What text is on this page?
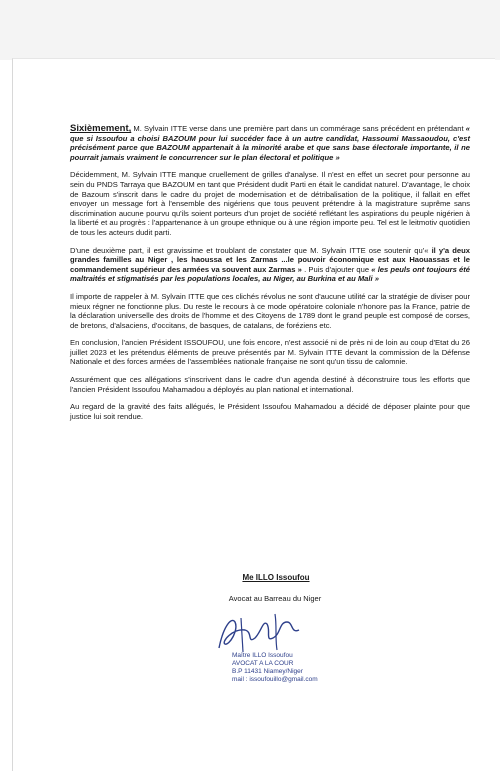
Sixièmement, M. Sylvain ITTE verse dans une première part dans un commérage sans précédent en prétendant « que si Issoufou a choisi BAZOUM pour lui succéder face à un autre candidat, Hassoumi Massaoudou, c'est précisément parce que BAZOUM appartenait à la minorité arabe et que sans base électorale importante, il ne pourrait jamais vraiment le concurrencer sur le plan électoral et politique »

Décidemment, M. Sylvain ITTE manque cruellement de grilles d'analyse. Il n'est en effet un secret pour personne au sein du PNDS Tarraya que BAZOUM en tant que Président dudit Parti en était le candidat naturel. D'avantage, le choix de Bazoum s'inscrit dans le cadre du projet de modernisation et de détribalisation de la politique, il fallait en effet envoyer un message fort à l'ensemble des nigériens que tous peuvent prétendre à la magistrature suprême sans discrimination aucune pourvu qu'ils soient porteurs d'un projet de société reflétant les aspirations du peuple nigérien à la liberté et au progrès : l'appartenance à un groupe ethnique ou à une région importe peu. Tel est le leitmotiv quotidien de tous les acteurs dudit parti.

D'une deuxième part, il est gravissime et troublant de constater que M. Sylvain ITTE ose soutenir qu'« il y'a deux grandes familles au Niger , les haoussa et les Zarmas ...le pouvoir économique est aux Haouassas et le commandement supérieur des armées va souvent aux Zarmas » . Puis d'ajouter que « les peuls ont toujours été maltraités et stigmatisés par les populations locales, au Niger, au Burkina et au Mali »

Il importe de rappeler à M. Sylvain ITTE que ces clichés révolus ne sont d'aucune utilité car la stratégie de diviser pour mieux régner ne fonctionne plus. Du reste le recours à ce mode opératoire coloniale n'honore pas la France, patrie de la déclaration universelle des droits de l'homme et des Citoyens de 1789 dont le grand peuple est composé de corses, de bretons, d'alsaciens, d'occitans, de basques, de catalans, de foréziens etc.

En conclusion, l'ancien Président ISSOUFOU, une fois encore, n'est associé ni de près ni de loin au coup d'Etat du 26 juillet 2023 et les prétendus éléments de preuve présentés par M. Sylvain ITTE devant la commission de la Défense Nationale et des forces armées de l'assemblées nationale française ne sont qu'un tissu de calomnie.

Assurément que ces allégations s'inscrivent dans le cadre d'un agenda destiné à déconstruire tous les efforts que l'ancien Président Issoufou Mahamadou a déployés au plan national et international.

Au regard de la gravité des faits allégués, le Président Issoufou Mahamadou a décidé de déposer plainte pour que justice lui soit rendue.

Me ILLO Issoufou
Avocat au Barreau du Niger
Maître ILLO Issoufou
AVOCAT A LA COUR
B.P 11431 Niamey/Niger
mail : issoufouillo@gmail.com
